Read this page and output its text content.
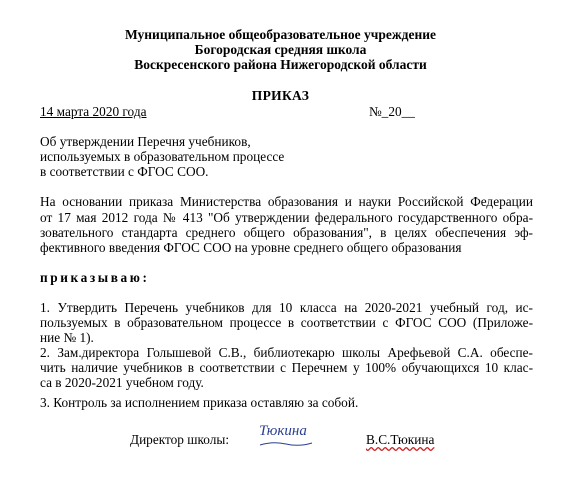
Муниципальное общеобразовательное учреждение
Богородская средняя школа
Воскресенского района Нижегородской области
ПРИКАЗ
14 марта 2020 года	№_20__
Об утверждении Перечня учебников,
используемых в образовательном процессе
в соответствии с ФГОС СОО.
На основании приказа Министерства образования и науки Российской Федерации
от 17 мая 2012 года № 413 "Об утверждении федерального государственного обра-
зовательного стандарта среднего общего образования", в целях обеспечения эф-
фективного введения ФГОС СОО на уровне среднего общего образования
приказываю:
1. Утвердить Перечень учебников для 10 класса на 2020-2021 учебный год, ис-
пользуемых в образовательном процессе в соответствии с ФГОС СОО (Приложе-
ние № 1).
2. Зам.директора Голышевой С.В., библиотекарю школы Арефьевой С.А. обеспе-
чить наличие учебников в соответствии с Перечнем у 100% обучающихся 10 клас-
са в 2020-2021 учебном году.
3. Контроль за исполнением приказа оставляю за собой.
Директор школы:
Тюкина
В.С.Тюкина
